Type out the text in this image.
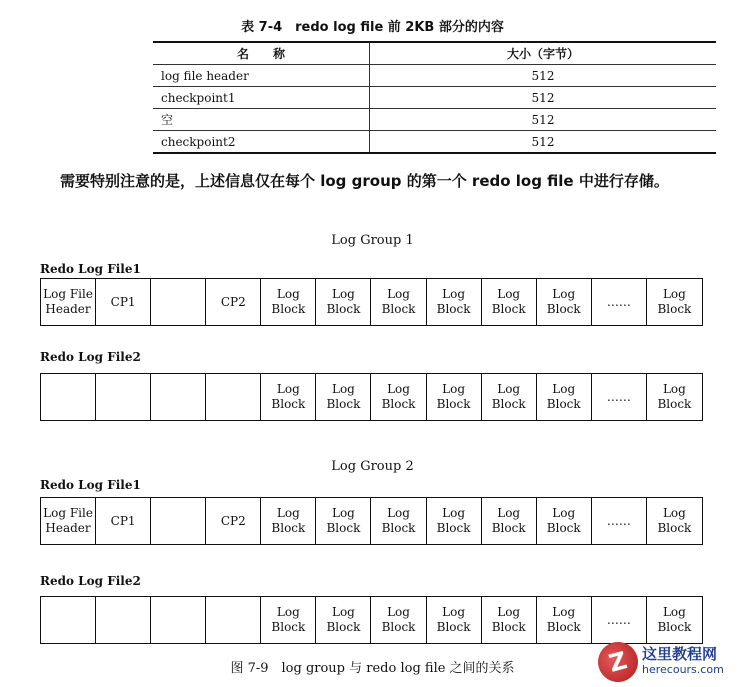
表 7-4　redo log file 前 2KB 部分的内容
名　　称	大小（字节）
log file header	512
checkpoint1	512
空	512
checkpoint2	512
需要特别注意的是，上述信息仅在每个 log group 的第一个 redo log file 中进行存储。
Log Group 1
Redo Log File1
Log File
Header
CP1	CP2
Log
Block
Log
Block
Log
Block
Log
Block
Log
Block
Log
Block
……
Log
Block
Redo Log File2
Log
Block
Log
Block
Log
Block
Log
Block
Log
Block
Log
Block
……
Log
Block
Log Group 2
Redo Log File1
Log File
Header
CP1	CP2
Log
Block
Log
Block
Log
Block
Log
Block
Log
Block
Log
Block
……
Log
Block
Redo Log File2
Log
Block
Log
Block
Log
Block
Log
Block
Log
Block
Log
Block
……
Log
Block
图 7-9　log group 与 redo log file 之间的关系	Z 这里教程网
herecours.com
